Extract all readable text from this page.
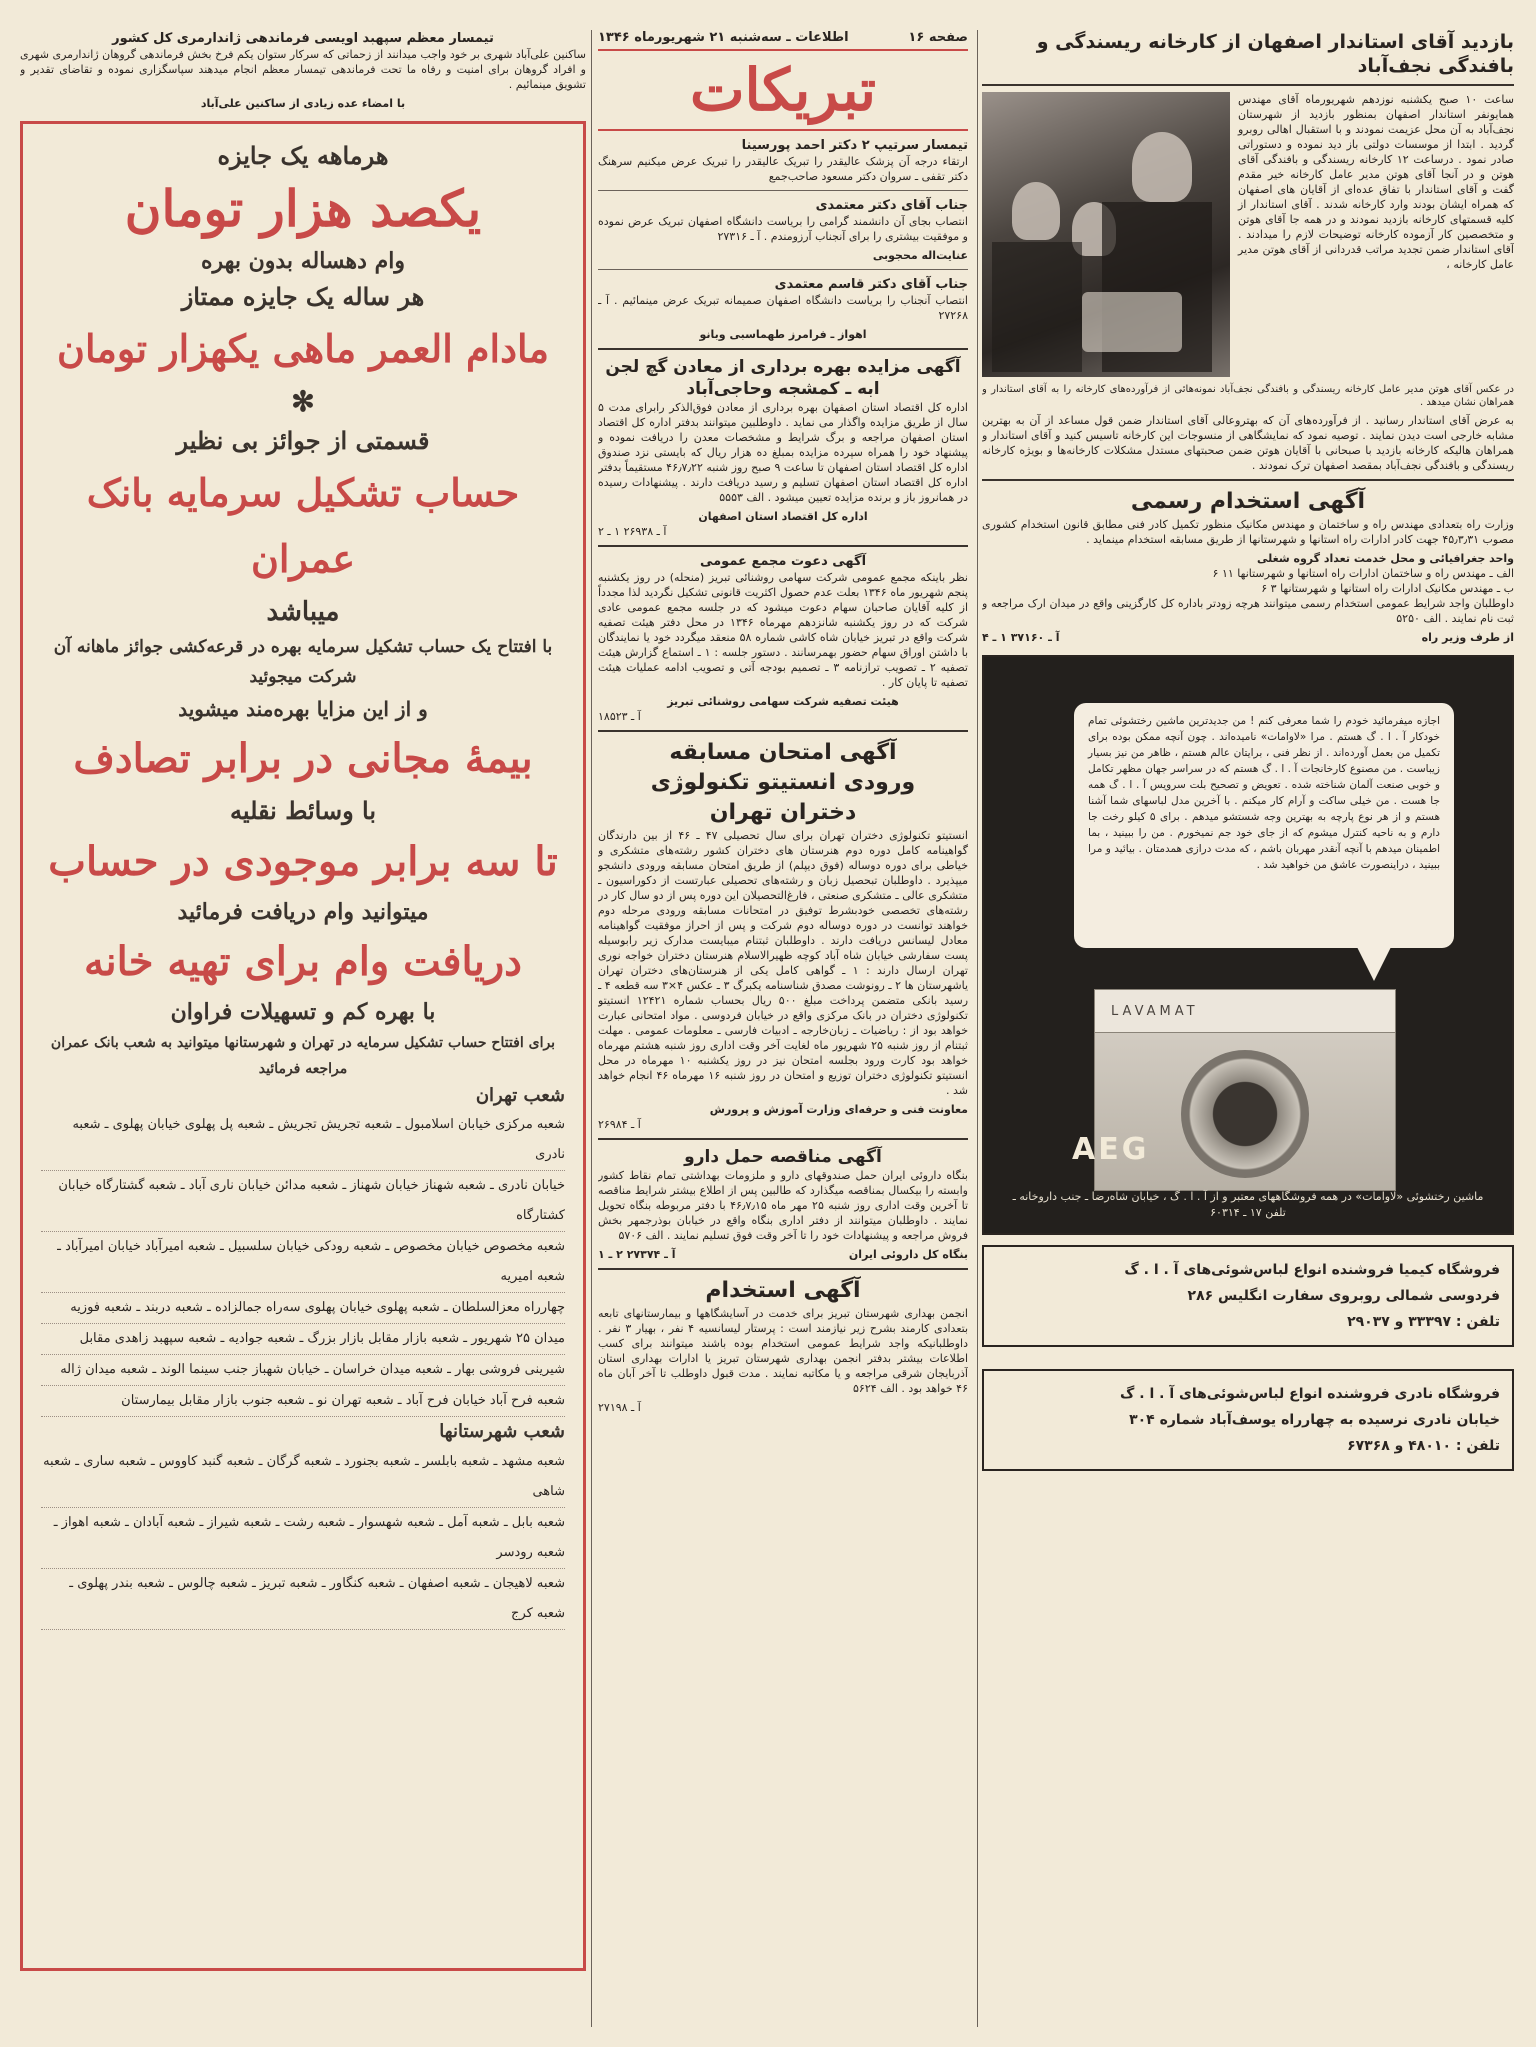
بازدید آقای استاندار اصفهان از کارخانه ریسندگی و بافندگی نجف‌آباد

ساعت ۱۰ صبح یکشنبه نوزدهم شهریورماه آقای مهندس همایونفر استاندار اصفهان بمنظور بازدید از شهرستان نجف‌آباد به آن محل عزیمت نمودند و با استقبال اهالی روبرو گردید . ابتدا از موسسات دولتی باز دید نموده و دستوراتی صادر نمود . درساعت ۱۲ کارخانه ریسندگی و بافندگی آقای هوتن و در آنجا آقای هوتن مدیر عامل کارخانه خیر مقدم گفت و آقای استاندار با تفاق عده‌ای از آقایان های اصفهان که همراه ایشان بودند وارد کارخانه شدند . آقای استاندار از کلیه قسمتهای کارخانه بازدید نمودند و در همه جا آقای هوتن و متخصصین کار آزموده کارخانه توضیحات لازم را میدادند . آقای استاندار ضمن تجدید مراتب قدردانی از آقای هوتن مدیر عامل کارخانه ،

در عکس آقای هوتن مدیر عامل کارخانه ریسندگی و بافندگی نجف‌آباد نمونه‌هائی از فرآورده‌های کارخانه را به آقای استاندار و همراهان نشان میدهد .

به عرض آقای استاندار رسانید . از فرآورده‌های آن که بهتروعالی آقای استاندار ضمن قول مساعد از آن به بهترین مشابه خارجی است دیدن نمایند . توصیه نمود که نمایشگاهی از منسوجات این کارخانه تاسیس کنید و آقای استاندار و همراهان هالیکه کارخانه بازدید با صبحانی با آقایان هوتن ضمن صحبتهای مستدل مشکلات کارخانه‌ها و بویژه کارخانه ریسندگی و بافندگی نجف‌آباد بمقصد اصفهان ترک نمودند .

آگهی استخدام رسمی

وزارت راه بتعدادی مهندس راه و ساختمان و مهندس مکانیک منظور تکمیل کادر فنی مطابق قانون استخدام کشوری مصوب ۴۵٫۳٫۳۱ جهت کادر ادارات راه استانها و شهرستانها از طریق مسابقه استخدام مینماید .

واحد جغرافیائی و محل خدمت تعداد گروه شغلی
الف ـ مهندس راه و ساختمان ادارات راه استانها و شهرستانها ۱۱ ۶
ب ـ مهندس مکانیک ادارات راه استانها و شهرستانها ۳ ۶

داوطلبان واجد شرایط عمومی استخدام رسمی میتوانند هرچه زودتر باداره کل کارگزینی واقع در میدان ارک مراجعه و ثبت نام نمایند . الف ۵۲۵۰

از طرف وزیر راه
آ ـ ۳۷۱۶۰ ۱ ـ ۴

اجازه میفرمائید خودم را شما معرفی کنم ! من جدیدترین ماشین رختشوئی تمام خودکار آ . ا . گ هستم . مرا «لاوامات» نامیده‌اند . چون آنچه ممکن بوده برای تکمیل من بعمل آورده‌اند . از نظر فنی ، برایتان عالم هستم ، ظاهر من نیز بسیار زیباست . من مصنوع کارخانجات آ . ا . گ هستم که در سراسر جهان مظهر تکامل و خوبی صنعت آلمان شناخته شده . تعویض و تصحیح بلت سرویس آ . ا . گ همه جا هست . من خیلی ساکت و آرام کار میکنم . با آخرین مدل لباسهای شما آشنا هستم و از هر نوع پارچه به بهترین وجه شستشو میدهم . برای ۵ کیلو رخت جا دارم و به ناحیه کنترل میشوم که از جای خود جم نمیخورم . من را ببینید ، بما اطمینان میدهم با آنچه آنقدر مهربان باشم ، که مدت درازی همدمتان . بیائید و مرا ببینید ، دراینصورت عاشق من خواهید شد .

LAVAMAT
AEG
ماشین رختشوئی «لاوامات» در همه فروشگاههای معتبر و از آ . ا . گ ، خیابان شاه‌رضا ـ جنب داروخانه ـ تلفن ۱۷ ـ ۶۰۳۱۴
فروشگاه کیمیا فروشنده انواع لباس‌شوئی‌های آ . ا . گ
فردوسی شمالی روبروی سفارت انگلیس ۲۸۶
تلفن : ۳۳۳۹۷ و ۲۹۰۳۷
فروشگاه نادری فروشنده انواع لباس‌شوئی‌های آ . ا . گ
خیابان نادری نرسیده به چهارراه یوسف‌آباد شماره ۳۰۴
تلفن : ۴۸۰۱۰ و ۶۷۳۶۸
صفحه ۱۶
اطلاعات ـ سه‌شنبه ۲۱ شهریورماه ۱۳۴۶
تبریکات
تیمسار سرتیپ ۲ دکتر احمد پورسینا

ارتقاء درجه آن پزشک عالیقدر را تبریک عالیقدر را تبریک عرض میکنیم سرهنگ دکتر تقفی ـ سروان دکتر مسعود صاحب‌جمع

جناب آقای دکتر معتمدی

انتصاب بجای آن دانشمند گرامی را بریاست دانشگاه اصفهان تبریک عرض نموده و موفقیت بیشتری را برای آنجناب آرزومندم . آ ـ ۲۷۳۱۶

عنایت‌اله محجوبی
جناب آقای دکتر قاسم معتمدی

انتصاب آنجناب را بریاست دانشگاه اصفهان صمیمانه تبریک عرض مینمائیم . آ ـ ۲۷۲۶۸

اهواز ـ فرامرز طهماسبی وبانو
آگهی مزایده بهره برداری از معادن گچ لجن ابه ـ کمشجه وحاجی‌آباد

اداره کل اقتصاد استان اصفهان بهره برداری از معادن فوق‌الذکر رابرای مدت ۵ سال از طریق مزایده واگذار می نماید . داوطلبین میتوانند بدفتر اداره کل اقتصاد استان اصفهان مراجعه و برگ شرایط و مشخصات معدن را دریافت نموده و پیشنهاد خود را همراه سپرده مزایده بمبلغ ده هزار ریال که بایستی نزد صندوق اداره کل اقتصاد استان اصفهان تا ساعت ۹ صبح روز شنبه ۴۶٫۷٫۲۲ مستقیماً بدفتر اداره کل اقتصاد استان اصفهان تسلیم و رسید دریافت دارند . پیشنهادات رسیده در همانروز باز و برنده مزایده تعیین میشود . الف ۵۵۵۳

اداره کل اقتصاد استان اصفهان
آ ـ ۲۶۹۳۸ ۱ ـ ۲
آگهی دعوت مجمع عمومی

نظر باینکه مجمع عمومی شرکت سهامی روشنائی تبریز (منحله) در روز یکشنبه پنجم شهریور ماه ۱۳۴۶ بعلت عدم حصول اکثریت قانونی تشکیل نگردید لذا مجدداً از کلیه آقایان صاحبان سهام دعوت میشود که در جلسه مجمع عمومی عادی شرکت که در روز یکشنبه شانزدهم مهرماه ۱۳۴۶ در محل دفتر هیئت تصفیه شرکت واقع در تبریز خیابان شاه کاشی شماره ۵۸ منعقد میگردد خود یا نمایندگان با داشتن اوراق سهام حضور بهمرسانند . دستور جلسه : ۱ ـ استماع گزارش هیئت تصفیه ۲ ـ تصویب ترازنامه ۳ ـ تصمیم بودجه آتی و تصویب ادامه عملیات هیئت تصفیه تا پایان کار .

هیئت تصفیه شرکت سهامی روشنائی تبریز
آ ـ ۱۸۵۲۳
آگهی امتحان مسابقه
ورودی انستیتو تکنولوژی
دختران تهران

انستیتو تکنولوژی دختران تهران برای سال تحصیلی ۴۷ ـ ۴۶ از بین دارندگان گواهینامه کامل دوره دوم هنرستان های دختران کشور رشته‌های متشکری و خیاطی برای دوره دوساله (فوق دیپلم) از طریق امتحان مسابقه ورودی دانشجو میپذیرد . داوطلبان تبحصیل زبان و رشته‌های تحصیلی عبارتست از دکوراسیون ـ متشکری عالی ـ متشکری صنعتی ، فارغ‌التحصیلان این دوره پس از دو سال کار در رشته‌های تخصصی خودبشرط توفیق در امتحانات مسابقه ورودی مرحله دوم خواهند توانست در دوره دوساله دوم شرکت و پس از احراز موفقیت گواهینامه معادل لیسانس دریافت دارند . داوطلبان ثبتنام میبایست مدارک زیر رابوسیله پست سفارشی خیابان شاه آباد کوچه ظهیرالاسلام هنرستان دختران خواجه نوری تهران ارسال دارند : ۱ ـ گواهی کامل یکی از هنرستان‌های دختران تهران یاشهرستان ها ۲ ـ رونوشت مصدق شناسنامه یکبرگ ۳ ـ عکس ۴×۳ سه قطعه ۴ ـ رسید بانکی متضمن پرداخت مبلغ ۵۰۰ ریال بحساب شماره ۱۲۴۲۱ انستیتو تکنولوژی دختران در بانک مرکزی واقع در خیابان فردوسی . مواد امتحانی عبارت خواهد بود از : ریاضیات ـ زبان‌خارجه ـ ادبیات فارسی ـ معلومات عمومی . مهلت ثبتنام از روز شنبه ۲۵ شهریور ماه لغایت آخر وقت اداری روز شنبه هشتم مهرماه خواهد بود کارت ورود بجلسه امتحان نیز در روز یکشنبه ۱۰ مهرماه در محل انستیتو تکنولوژی دختران توزیع و امتحان در روز شنبه ۱۶ مهرماه ۴۶ انجام خواهد شد .

معاونت فنی و حرفه‌ای وزارت آموزش و پرورش
آ ـ ۲۶۹۸۴
آگهی مناقصه حمل دارو

بنگاه داروئی ایران حمل صندوقهای دارو و ملزومات بهداشتی تمام نقاط کشور وابسته را بیکسال بمناقصه میگذارد که طالبین پس از اطلاع بیشتر شرایط مناقصه تا آخرین وقت اداری روز شنبه ۲۵ مهر ماه ۴۶٫۷٫۱۵ با دفتر مربوطه بنگاه تحویل نمایند . داوطلبان میتوانند از دفتر اداری بنگاه واقع در خیابان بوذرجمهر بخش فروش مراجعه و پیشنهادات خود را تا آخر وقت فوق تسلیم نمایند . الف ۵۷۰۶

بنگاه کل داروئی ایران
آ ـ ۲۷۳۷۴ ۲ ـ ۱
آگهی استخدام

انجمن بهداری شهرستان تبریز برای خدمت در آسایشگاهها و بیمارستانهای تابعه بتعدادی کارمند بشرح زیر نیازمند است : پرستار لیسانسیه ۴ نفر ، بهیار ۳ نفر . داوطلبانیکه واجد شرایط عمومی استخدام بوده باشند میتوانند برای کسب اطلاعات بیشتر بدفتر انجمن بهداری شهرستان تبریز یا ادارات بهداری استان آذربایجان شرقی مراجعه و یا مکاتبه نمایند . مدت قبول داوطلب تا آخر آبان ماه ۴۶ خواهد بود . الف ۵۶۲۴

آ ـ ۲۷۱۹۸
تیمسار معظم سپهبد اویسی فرماندهی ژاندارمری کل کشور

ساکنین علی‌آباد شهری بر خود واجب میدانند از زحماتی که سرکار ستوان یکم فرخ بخش فرماندهی گروهان ژاندارمری شهری و افراد گروهان برای امنیت و رفاه ما تحت فرماندهی تیمسار معظم انجام میدهند سپاسگزاری نموده و تقاضای تقدیر و تشویق مینمائیم .

با امضاء عده زیادی از ساکنین علی‌آباد
هرماهه یک جایزه
یکصد هزار تومان
وام دهساله بدون بهره
هر ساله یک جایزه ممتاز
مادام العمر ماهی یکهزار تومان
✻
قسمتی از جوائز بی نظیر
حساب تشکیل سرمایه بانک عمران
میباشد
با افتتاح یک حساب تشکیل سرمایه بهره در قرعه‌کشی جوائز ماهانه آن شرکت میجوئید
و از این مزایا بهره‌مند میشوید
بیمهٔ مجانی در برابر تصادف
با وسائط نقلیه
تا سه برابر موجودی در حساب
میتوانید وام دریافت فرمائید
دریافت وام برای تهیه خانه
با بهره کم و تسهیلات فراوان
برای افتتاح حساب تشکیل سرمایه در تهران و شهرستانها میتوانید به شعب بانک عمران مراجعه فرمائید
شعب تهران
شعبه مرکزی خیابان اسلامبول ـ شعبه تجریش تجریش ـ شعبه پل پهلوی خیابان پهلوی ـ شعبه نادری
خیابان نادری ـ شعبه شهناز خیابان شهناز ـ شعبه مدائن خیابان ناری آباد ـ شعبه گشتارگاه خیابان کشتارگاه
شعبه مخصوص خیابان مخصوص ـ شعبه رودکی خیابان سلسبیل ـ شعبه امیرآباد خیابان امیرآباد ـ شعبه امیریه
چهارراه معزالسلطان ـ شعبه پهلوی خیابان پهلوی سه‌راه جمالزاده ـ شعبه دربند ـ شعبه فوزیه
میدان ۲۵ شهریور ـ شعبه بازار مقابل بازار بزرگ ـ شعبه جوادیه ـ شعبه سپهبد زاهدی مقابل
شیرینی فروشی بهار ـ شعبه میدان خراسان ـ خیابان شهباز جنب سینما الوند ـ شعبه میدان ژاله
شعبه فرح آباد خیابان فرح آباد ـ شعبه تهران نو ـ شعبه جنوب بازار مقابل بیمارستان
شعب شهرستانها
شعبه مشهد ـ شعبه بابلسر ـ شعبه بجنورد ـ شعبه گرگان ـ شعبه گنبد کاووس ـ شعبه ساری ـ شعبه شاهی
شعبه بابل ـ شعبه آمل ـ شعبه شهسوار ـ شعبه رشت ـ شعبه شیراز ـ شعبه آبادان ـ شعبه اهواز ـ شعبه رودسر
شعبه لاهیجان ـ شعبه اصفهان ـ شعبه کنگاور ـ شعبه تبریز ـ شعبه چالوس ـ شعبه بندر پهلوی ـ شعبه کرج
